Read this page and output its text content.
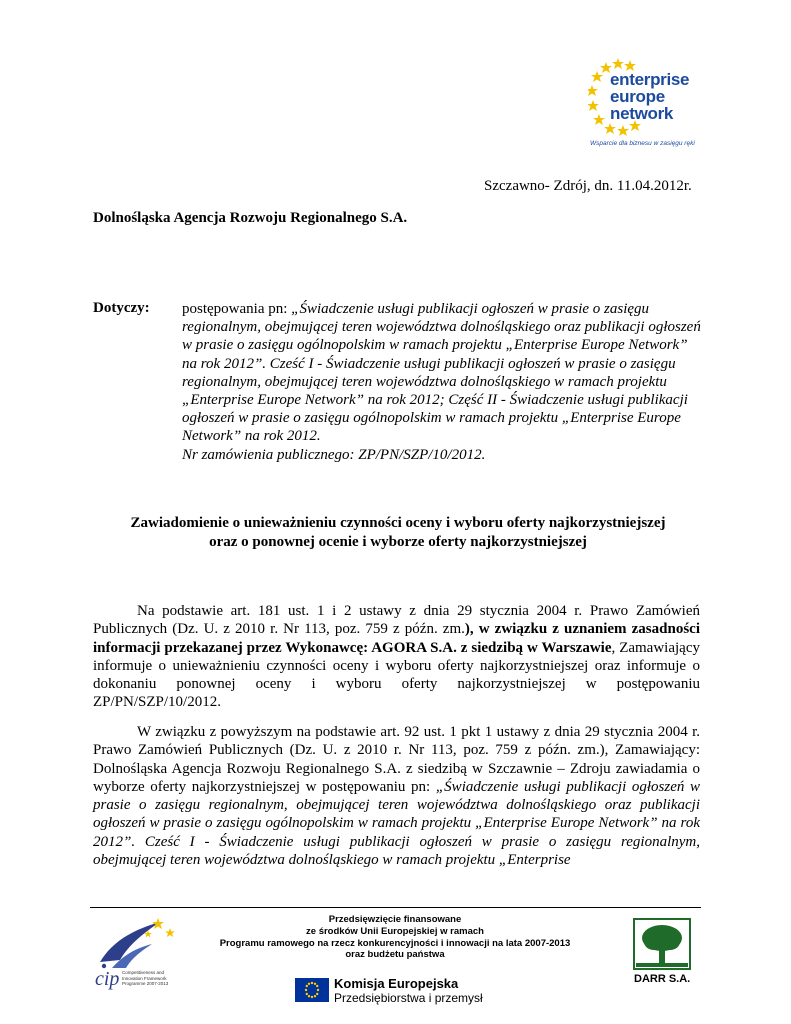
enterprise
europe
network
Wsparcie dla biznesu w zasięgu ręki
Szczawno- Zdrój, dn. 11.04.2012r.
Dolnośląska Agencja Rozwoju Regionalnego S.A.
Dotyczy: postępowania pn: „Świadczenie usługi publikacji ogłoszeń w prasie o zasięgu regionalnym, obejmującej teren województwa dolnośląskiego oraz publikacji ogłoszeń w prasie o zasięgu ogólnopolskim w ramach projektu „Enterprise Europe Network” na rok 2012”. Cześć I - Świadczenie usługi publikacji ogłoszeń w prasie o zasięgu regionalnym, obejmującej teren województwa dolnośląskiego w ramach projektu „Enterprise Europe Network” na rok 2012; Część II - Świadczenie usługi publikacji ogłoszeń w prasie o zasięgu ogólnopolskim w ramach projektu „Enterprise Europe Network” na rok 2012.
Nr zamówienia publicznego: ZP/PN/SZP/10/2012.
Zawiadomienie o unieważnieniu czynności oceny i wyboru oferty najkorzystniejszej
oraz o ponownej ocenie i wyborze oferty najkorzystniejszej
Na podstawie art. 181 ust. 1 i 2 ustawy z dnia 29 stycznia 2004 r. Prawo Zamówień Publicznych (Dz. U. z 2010 r. Nr 113, poz. 759 z późn. zm.), w związku z uznaniem zasadności informacji przekazanej przez Wykonawcę: AGORA S.A. z siedzibą w Warszawie, Zamawiający informuje o unieważnieniu czynności oceny i wyboru oferty najkorzystniejszej oraz informuje o dokonaniu ponownej oceny i wyboru oferty najkorzystniejszej w postępowaniu ZP/PN/SZP/10/2012.
W związku z powyższym na podstawie art. 92 ust. 1 pkt 1 ustawy z dnia 29 stycznia 2004 r. Prawo Zamówień Publicznych (Dz. U. z 2010 r. Nr 113, poz. 759 z późn. zm.), Zamawiający: Dolnośląska Agencja Rozwoju Regionalnego S.A. z siedzibą w Szczawnie – Zdroju zawiadamia o wyborze oferty najkorzystniejszej w postępowaniu pn: „Świadczenie usługi publikacji ogłoszeń w prasie o zasięgu regionalnym, obejmującej teren województwa dolnośląskiego oraz publikacji ogłoszeń w prasie o zasięgu ogólnopolskim w ramach projektu „Enterprise Europe Network” na rok 2012”. Cześć I - Świadczenie usługi publikacji ogłoszeń w prasie o zasięgu regionalnym, obejmującej teren województwa dolnośląskiego w ramach projektu „Enterprise
cip Competitiveness and Innovation Framework Programme 2007-2013
Przedsięwzięcie finansowane
ze środków Unii Europejskiej w ramach
Programu ramowego na rzecz konkurencyjności i innowacji na lata 2007-2013
oraz budżetu państwa
Komisja Europejska
Przedsiębiorstwa i przemysł
DARR S.A.
